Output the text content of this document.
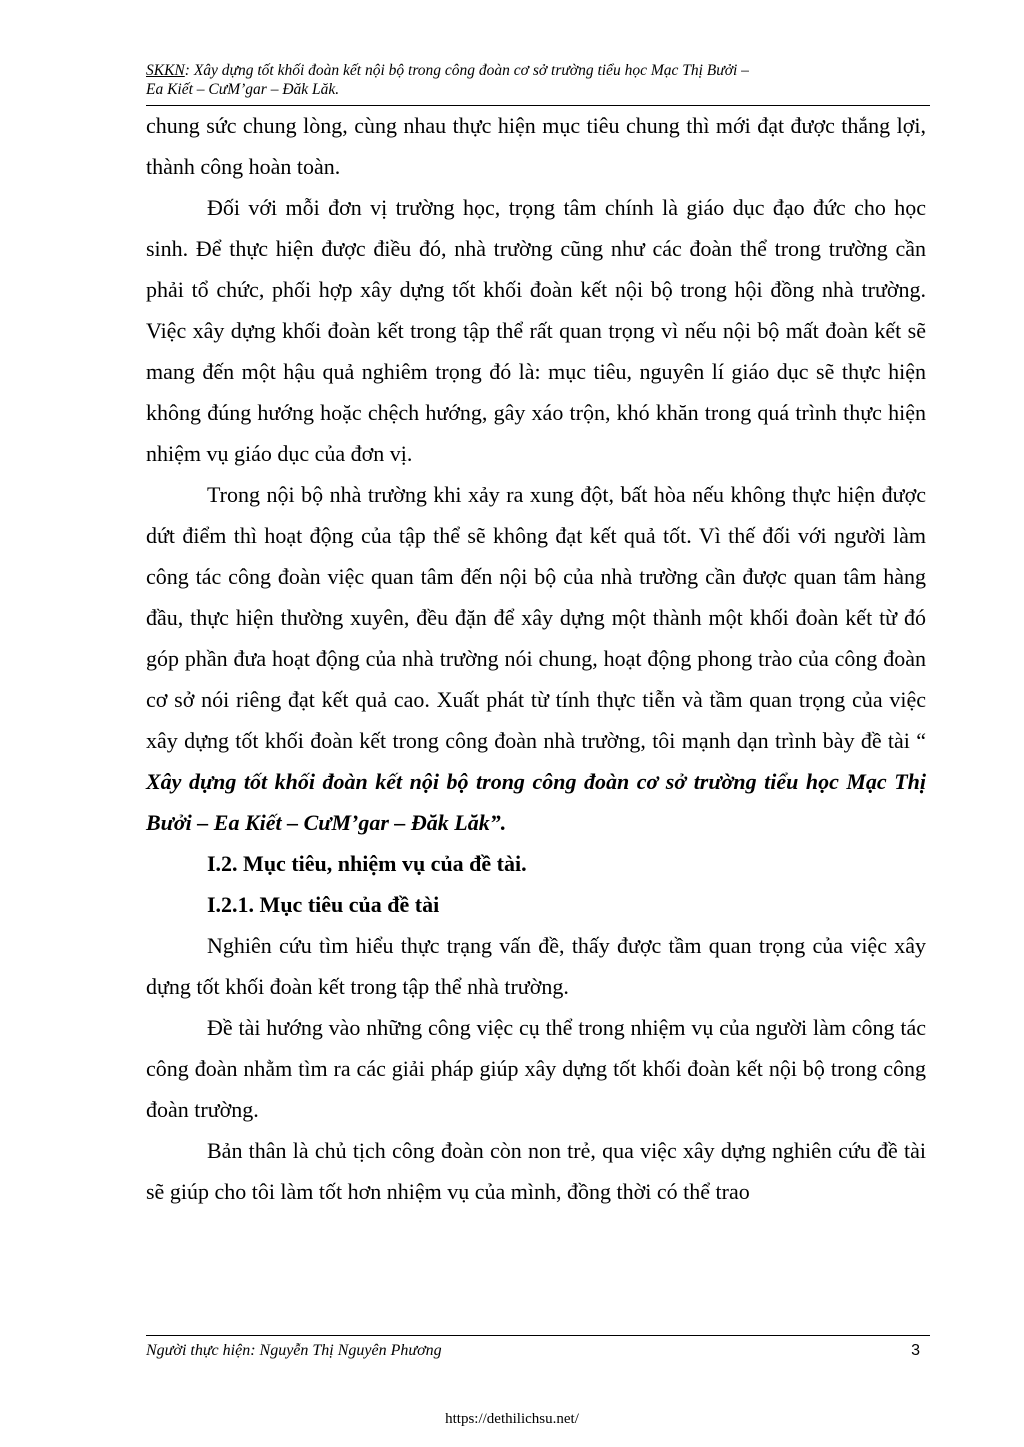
SKKN: Xây dựng tốt khối đoàn kết nội bộ trong công đoàn cơ sở trường tiểu học Mạc Thị Bưởi –
Ea Kiết – CưM’gar – Đăk Lăk.

chung sức chung lòng, cùng nhau thực hiện mục tiêu chung thì mới đạt được thắng lợi, thành công hoàn toàn.

Đối với mỗi đơn vị trường học, trọng tâm chính là giáo dục đạo đức cho học sinh. Để thực hiện được điều đó, nhà trường cũng như các đoàn thể trong trường cần phải tổ chức, phối hợp xây dựng tốt khối đoàn kết nội bộ trong hội đồng nhà trường. Việc xây dựng khối đoàn kết trong tập thể rất quan trọng vì nếu nội bộ mất đoàn kết sẽ mang đến một hậu quả nghiêm trọng đó là: mục tiêu, nguyên lí giáo dục sẽ thực hiện không đúng hướng hoặc chệch hướng, gây xáo trộn, khó khăn trong quá trình thực hiện nhiệm vụ giáo dục của đơn vị.

Trong nội bộ nhà trường khi xảy ra xung đột, bất hòa nếu không thực hiện được dứt điểm thì hoạt động của tập thể sẽ không đạt kết quả tốt. Vì thế đối với người làm công tác công đoàn việc quan tâm đến nội bộ của nhà trường cần được quan tâm hàng đầu, thực hiện thường xuyên, đều đặn để xây dựng một thành một khối đoàn kết từ đó góp phần đưa hoạt động của nhà trường nói chung, hoạt động phong trào của công đoàn cơ sở nói riêng đạt kết quả cao. Xuất phát từ tính thực tiễn và tầm quan trọng của việc xây dựng tốt khối đoàn kết trong công đoàn nhà trường, tôi mạnh dạn trình bày đề tài “ Xây dựng tốt khối đoàn kết nội bộ trong công đoàn cơ sở trường tiểu học Mạc Thị Bưởi – Ea Kiết – CưM’gar – Đăk Lăk”.

I.2. Mục tiêu, nhiệm vụ của đề tài.
I.2.1. Mục tiêu của đề tài

Nghiên cứu tìm hiểu thực trạng vấn đề, thấy được tầm quan trọng của việc xây dựng tốt khối đoàn kết trong tập thể nhà trường.

Đề tài hướng vào những công việc cụ thể trong nhiệm vụ của người làm công tác công đoàn nhằm tìm ra các giải pháp giúp xây dựng tốt khối đoàn kết nội bộ trong công đoàn trường.

Bản thân là chủ tịch công đoàn còn non trẻ, qua việc xây dựng nghiên cứu đề tài sẽ giúp cho tôi làm tốt hơn nhiệm vụ của mình, đồng thời có thể trao

Người thực hiện: Nguyễn Thị Nguyên Phương	3
https://dethilichsu.net/
